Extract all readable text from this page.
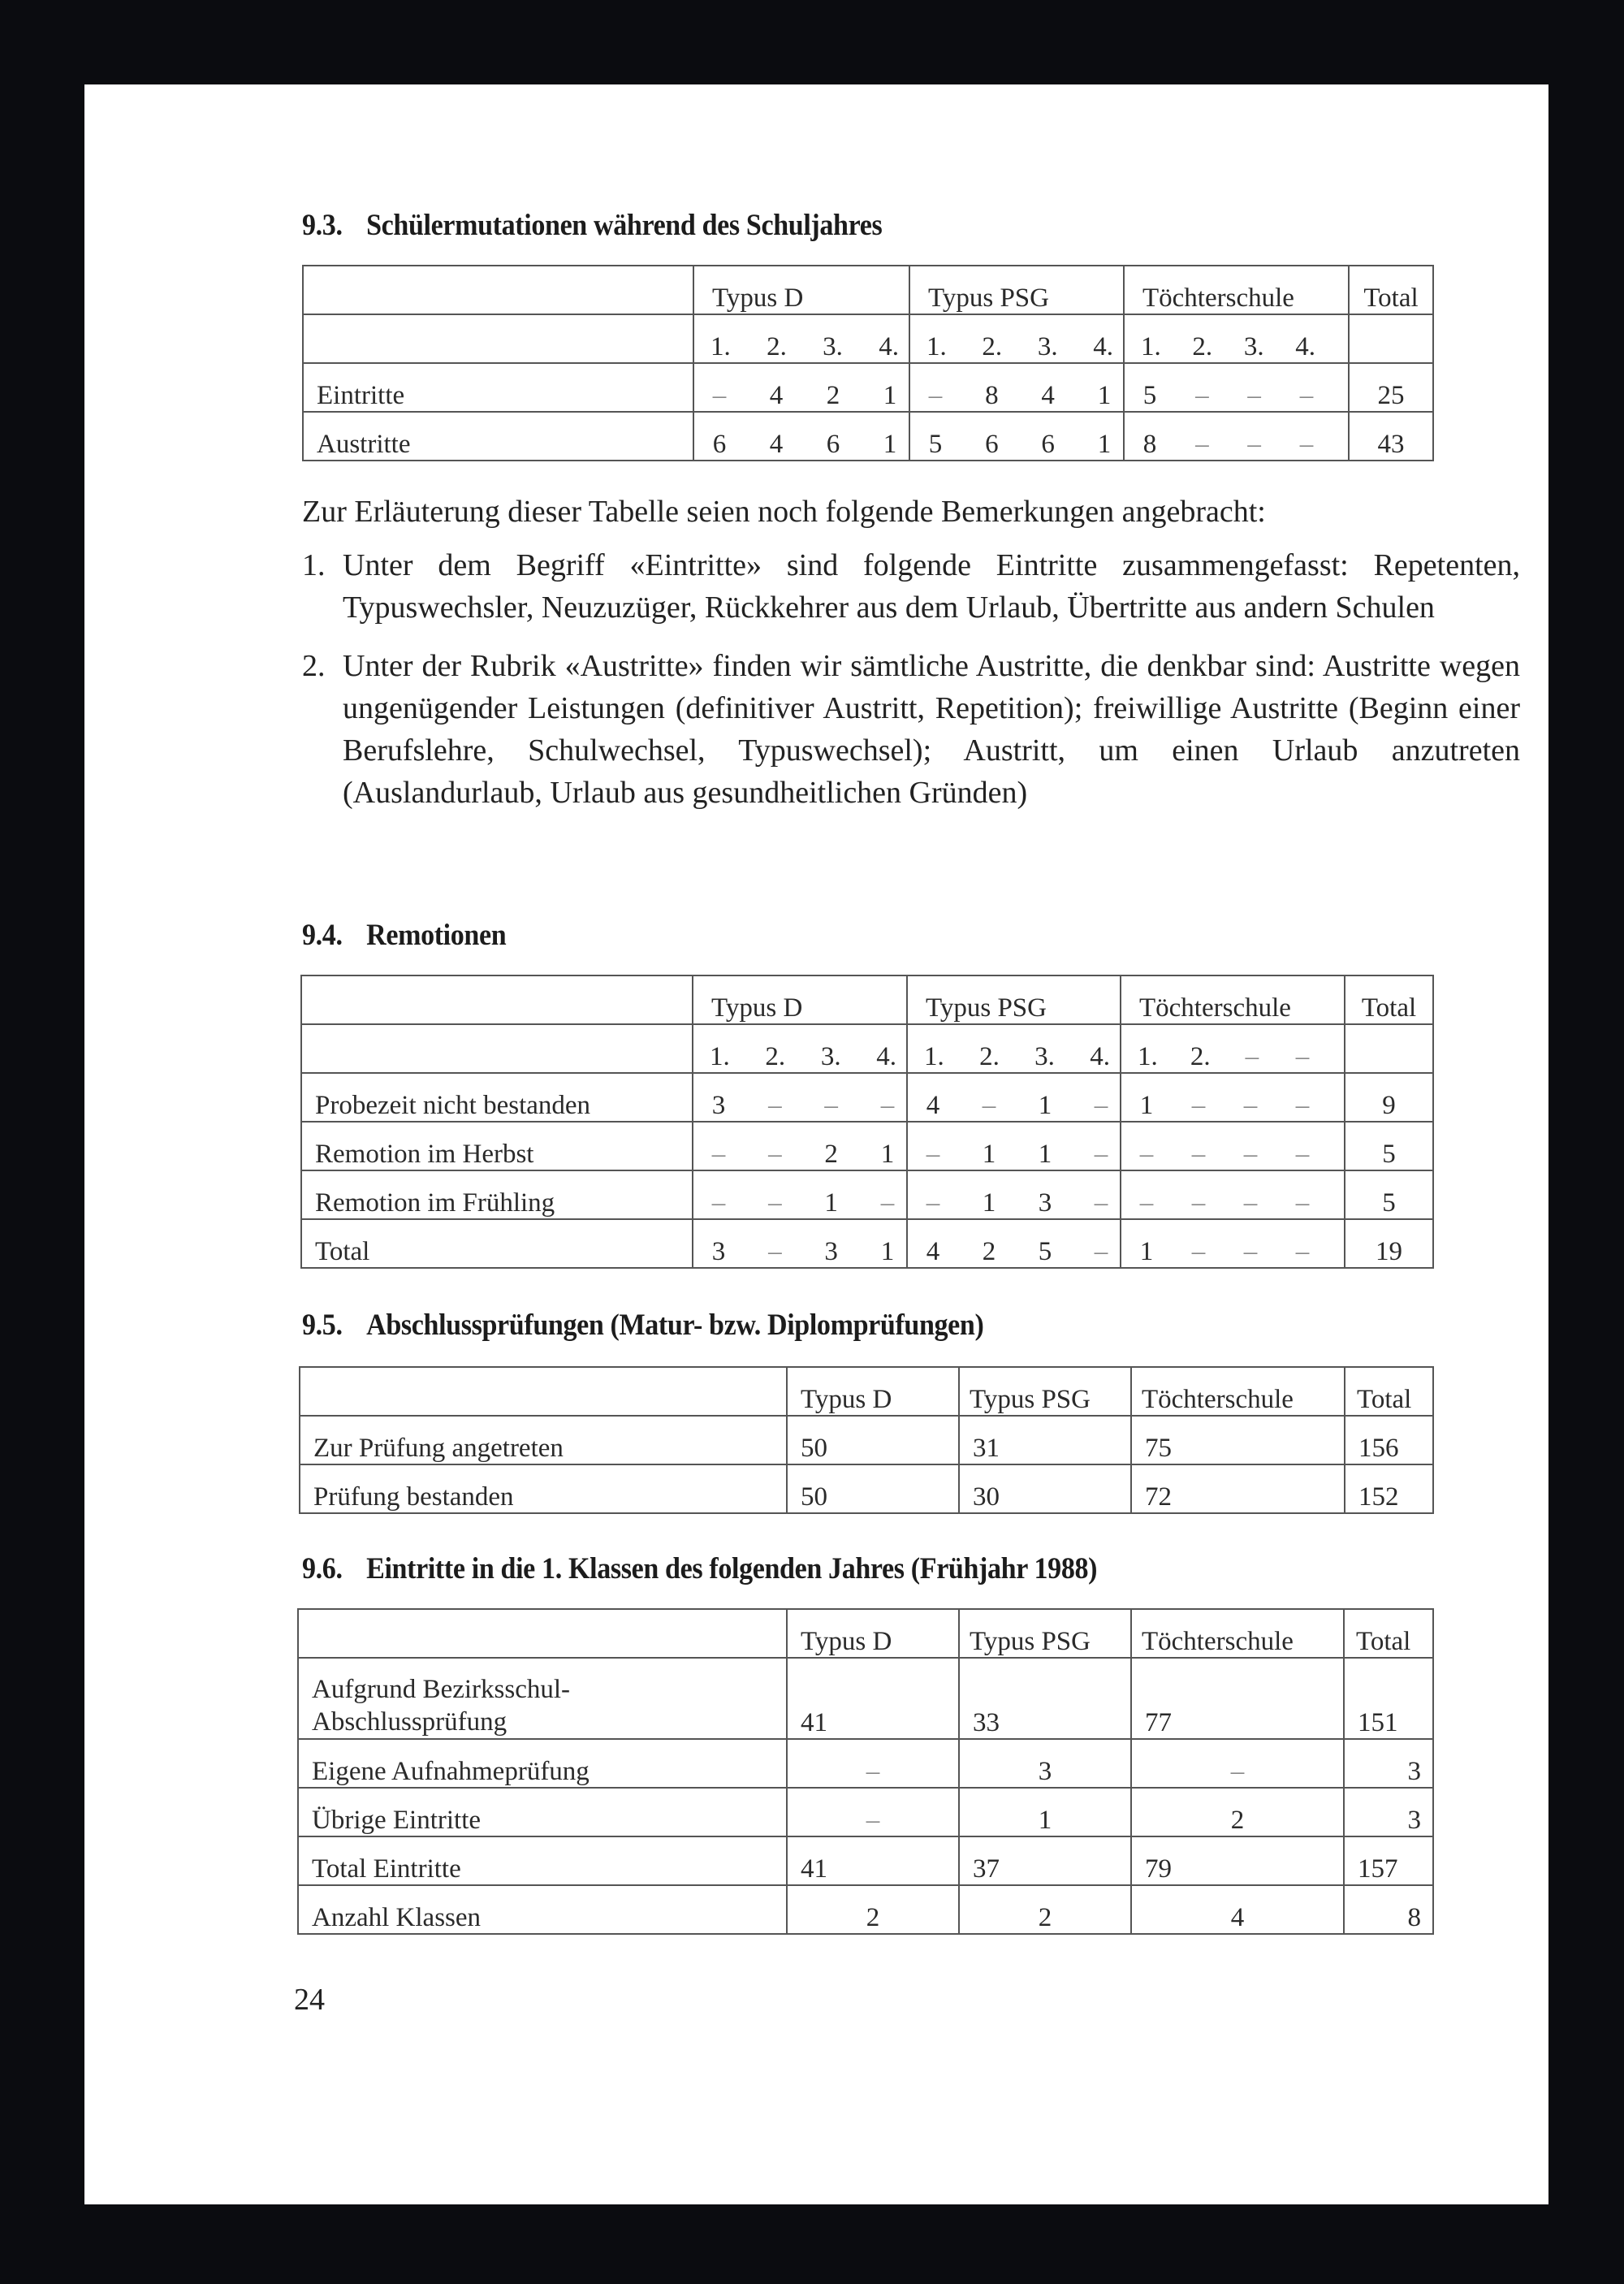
9.3. Schülermutationen während des Schuljahres
	Typus D	Typus PSG	Töchterschule	Total

	1. 2. 3. 4.	1. 2. 3. 4.	1. 2. 3. 4.	

Eintritte	– 4 2 1	– 8 4 1	5 – – –	25
Austritte	6 4 6 1	5 6 6 1	8 – – –	43

Zur Erläuterung dieser Tabelle seien noch folgende Bemerkungen angebracht:

1. Unter dem Begriff «Eintritte» sind folgende Eintritte zusammengefasst: Repetenten, Typuswechsler, Neuzuzüger, Rückkehrer aus dem Urlaub, Übertritte aus andern Schulen
2. Unter der Rubrik «Austritte» finden wir sämtliche Austritte, die denkbar sind: Austritte wegen ungenügender Leistungen (definitiver Austritt, Repetition); freiwillige Austritte (Beginn einer Berufslehre, Schulwechsel, Typuswechsel); Austritt, um einen Urlaub anzutreten (Auslandurlaub, Urlaub aus gesundheitlichen Gründen)
9.4. Remotionen
	Typus D	Typus PSG	Töchterschule	Total

	1. 2. 3. 4.	1. 2. 3. 4.	1. 2. – –	

Probezeit nicht bestanden	3 – – –	4 – 1 –	1 – – –	9
Remotion im Herbst	– – 2 1	– 1 1 –	– – – –	5
Remotion im Frühling	– – 1 –	– 1 3 –	– – – –	5
Total	3 – 3 1	4 2 5 –	1 – – –	19
9.5. Abschlussprüfungen (Matur- bzw. Diplomprüfungen)
	Typus D	Typus PSG	Töchterschule	Total
Zur Prüfung angetreten	50	31	75	156
Prüfung bestanden	50	30	72	152
9.6. Eintritte in die 1. Klassen des folgenden Jahres (Frühjahr 1988)
	Typus D	Typus PSG	Töchterschule	Total
Aufgrund Bezirksschul-
Abschlussprüfung	41	33	77	151
Eigene Aufnahmeprüfung	–	3	–	3
Übrige Eintritte	–	1	2	3
Total Eintritte	41	37	79	157
Anzahl Klassen	2	2	4	8
24
